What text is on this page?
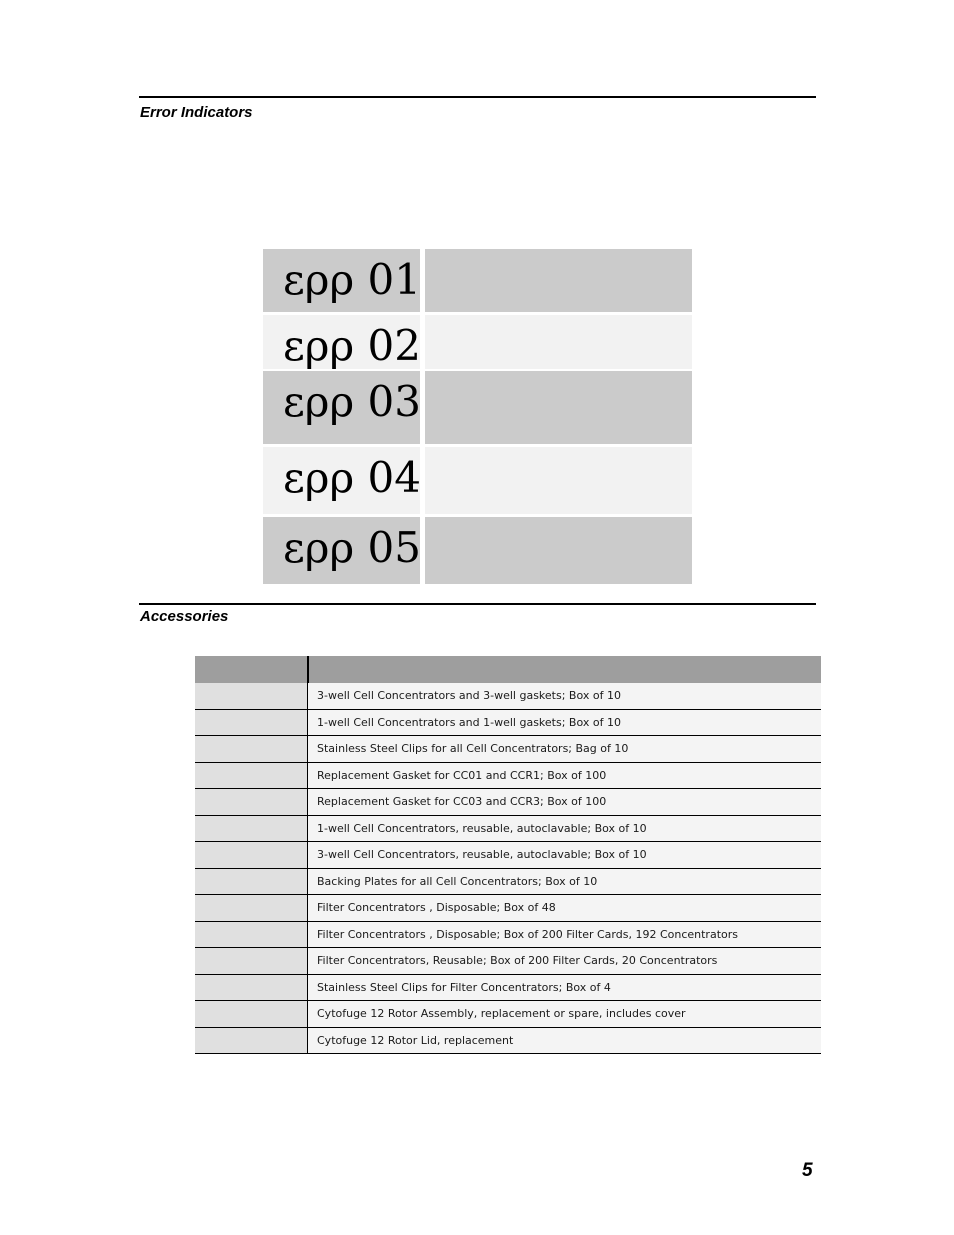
Error Indicators
ερρ 01
ερρ 02
ερρ 03
ερρ 04
ερρ 05
Accessories
3-well Cell Concentrators and 3-well gaskets; Box of 10
1-well Cell Concentrators and 1-well gaskets; Box of 10
Stainless Steel Clips for all Cell Concentrators; Bag of 10
Replacement Gasket for CC01 and CCR1; Box of 100
Replacement Gasket for CC03 and CCR3; Box of 100
1-well Cell Concentrators, reusable, autoclavable; Box of 10
3-well Cell Concentrators, reusable, autoclavable; Box of 10
Backing Plates for all Cell Concentrators; Box of 10
Filter Concentrators , Disposable; Box of 48
Filter Concentrators , Disposable; Box of 200 Filter Cards, 192 Concentrators
Filter Concentrators, Reusable; Box of 200 Filter Cards, 20 Concentrators
Stainless Steel Clips for Filter Concentrators; Box of 4
Cytofuge 12 Rotor Assembly, replacement or spare, includes cover
Cytofuge 12 Rotor Lid, replacement
5
